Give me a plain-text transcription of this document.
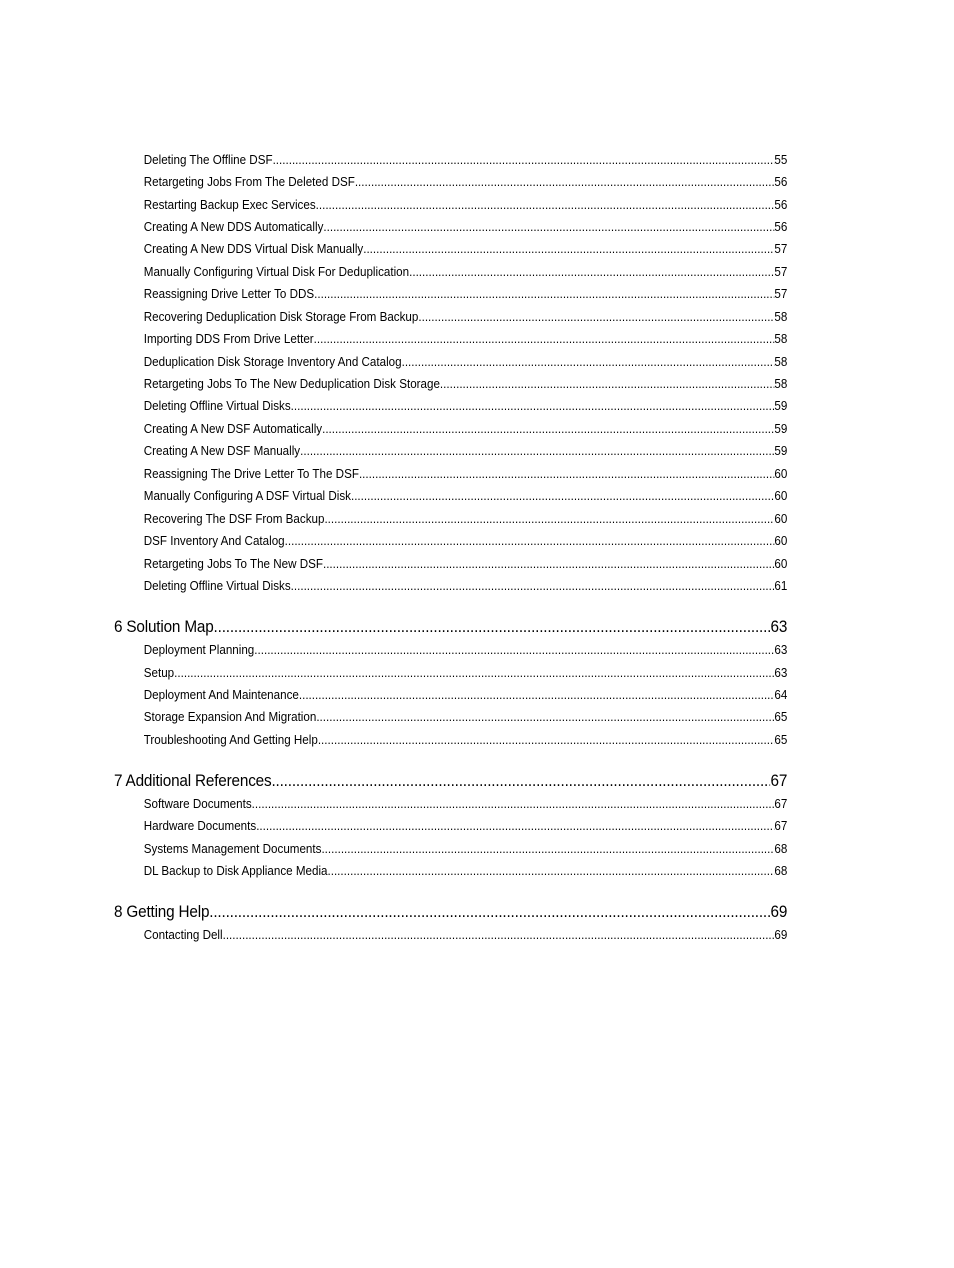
Deleting The Offline DSF .....	55
Retargeting Jobs From The Deleted DSF .....	56
Restarting Backup Exec Services .....	56
Creating A New DDS Automatically .....	56
Creating A New DDS Virtual Disk Manually .....	57
Manually Configuring Virtual Disk For Deduplication .....	57
Reassigning Drive Letter To DDS .....	57
Recovering Deduplication Disk Storage From Backup .....	58
Importing DDS From Drive Letter .....	58
Deduplication Disk Storage Inventory And Catalog .....	58
Retargeting Jobs To The New Deduplication Disk Storage .....	58
Deleting Offline Virtual Disks .....	59
Creating A New DSF Automatically .....	59
Creating A New DSF Manually .....	59
Reassigning The Drive Letter To The DSF .....	60
Manually Configuring A DSF Virtual Disk .....	60
Recovering The DSF From Backup .....	60
DSF Inventory And Catalog .....	60
Retargeting Jobs To The New DSF .....	60
Deleting Offline Virtual Disks .....	61
6 Solution Map .....	63
Deployment Planning .....	63
Setup .....	63
Deployment And Maintenance .....	64
Storage Expansion And Migration .....	65
Troubleshooting And Getting Help .....	65
7 Additional References .....	67
Software Documents .....	67
Hardware Documents .....	67
Systems Management Documents .....	68
DL Backup to Disk Appliance Media .....	68
8 Getting Help .....	69
Contacting Dell .....	69
